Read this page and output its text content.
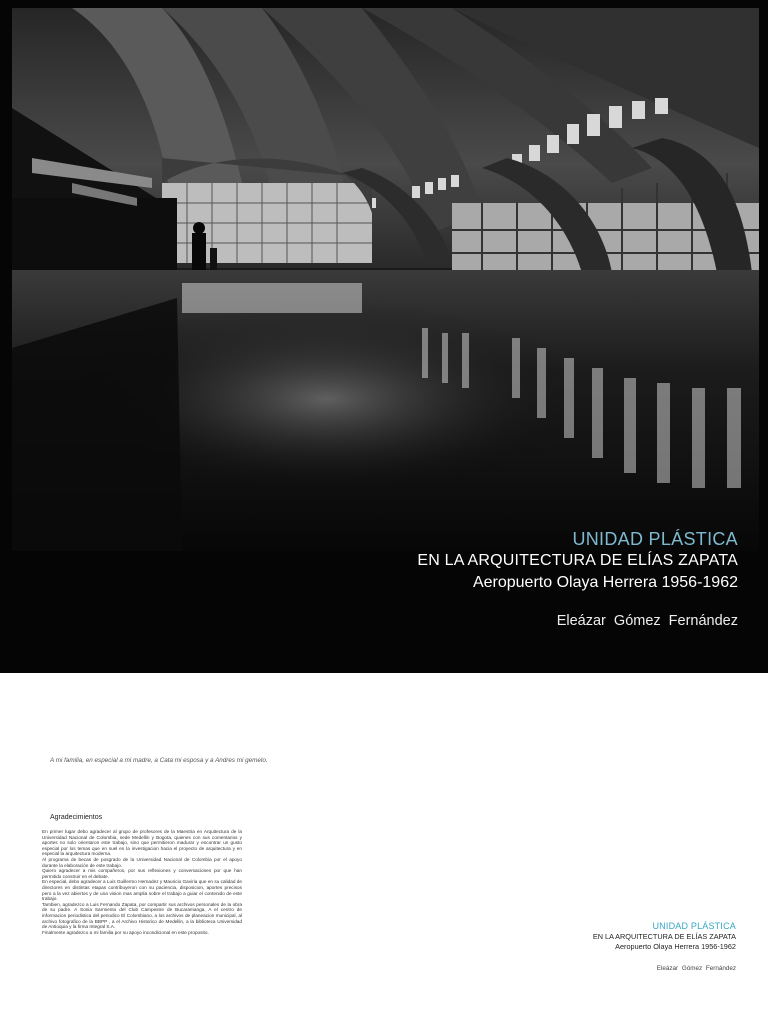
UNIDAD PLÁSTICA
EN LA ARQUITECTURA DE ELÍAS ZAPATA
Aeropuerto Olaya Herrera 1956-1962
Eleázar Gómez Fernández
A mi familia, en especial a mi madre, a Cata mi esposa y a Andres mi gemelo.
Agradecimientos

En primer lugar debo agradecer al grupo de profesores de la Maestria en Arquitectura de la Universidad Nacional de Colombia, sede Medellin y Bogota, quienes con sus comentarios y aportes no solo orientaron este trabajo, sino que permitieron madurar y encontrar un gusto especial por los temas que en suel en la investigacion hacia el proyecto de arquitectura y en especial la arquitectura moderna.

Al programa de becas de posgrado de la Universidad Nacional de Colombia por el apoyo durante la elaboración de este trabajo.

Quiero agradecer a mis compañeros, por sus reflexiones y conversaciones por que han permitido construir en el debate.

En especial, debo agradecer a Luis Guillermo Hernadez y Mauricio Gaviria que en su calidad de directores en distintas etapas contribuyeron con su paciencia, disposicion, aportes precisos pero a la vez abiertos y de una vision mas amplia sobre el trabajo a guiar el contenido de este trabajo.

Tambien, agradezco a Luis Fernando Zapata, por compartir sus archivos personales de la obra de su padre. A Sonia Sarmiento del Club Campestre de Bucaramanga, A el centro de informacion periodistica del periodico El Colombiano, a los archivos de planeacion municipal, al archivo fotografico de la BBPP , a el Archivo Historico de Medellin, a la biblioteca Universidad de Antioquia y la firma Integral S.A.

Finalmente agradezco a mi familia por su apoyo incondicional en este proposito.

UNIDAD PLÁSTICA
EN LA ARQUITECTURA DE ELÍAS ZAPATA
Aeropuerto Olaya Herrera 1956-1962
Eleázar Gómez Fernández
